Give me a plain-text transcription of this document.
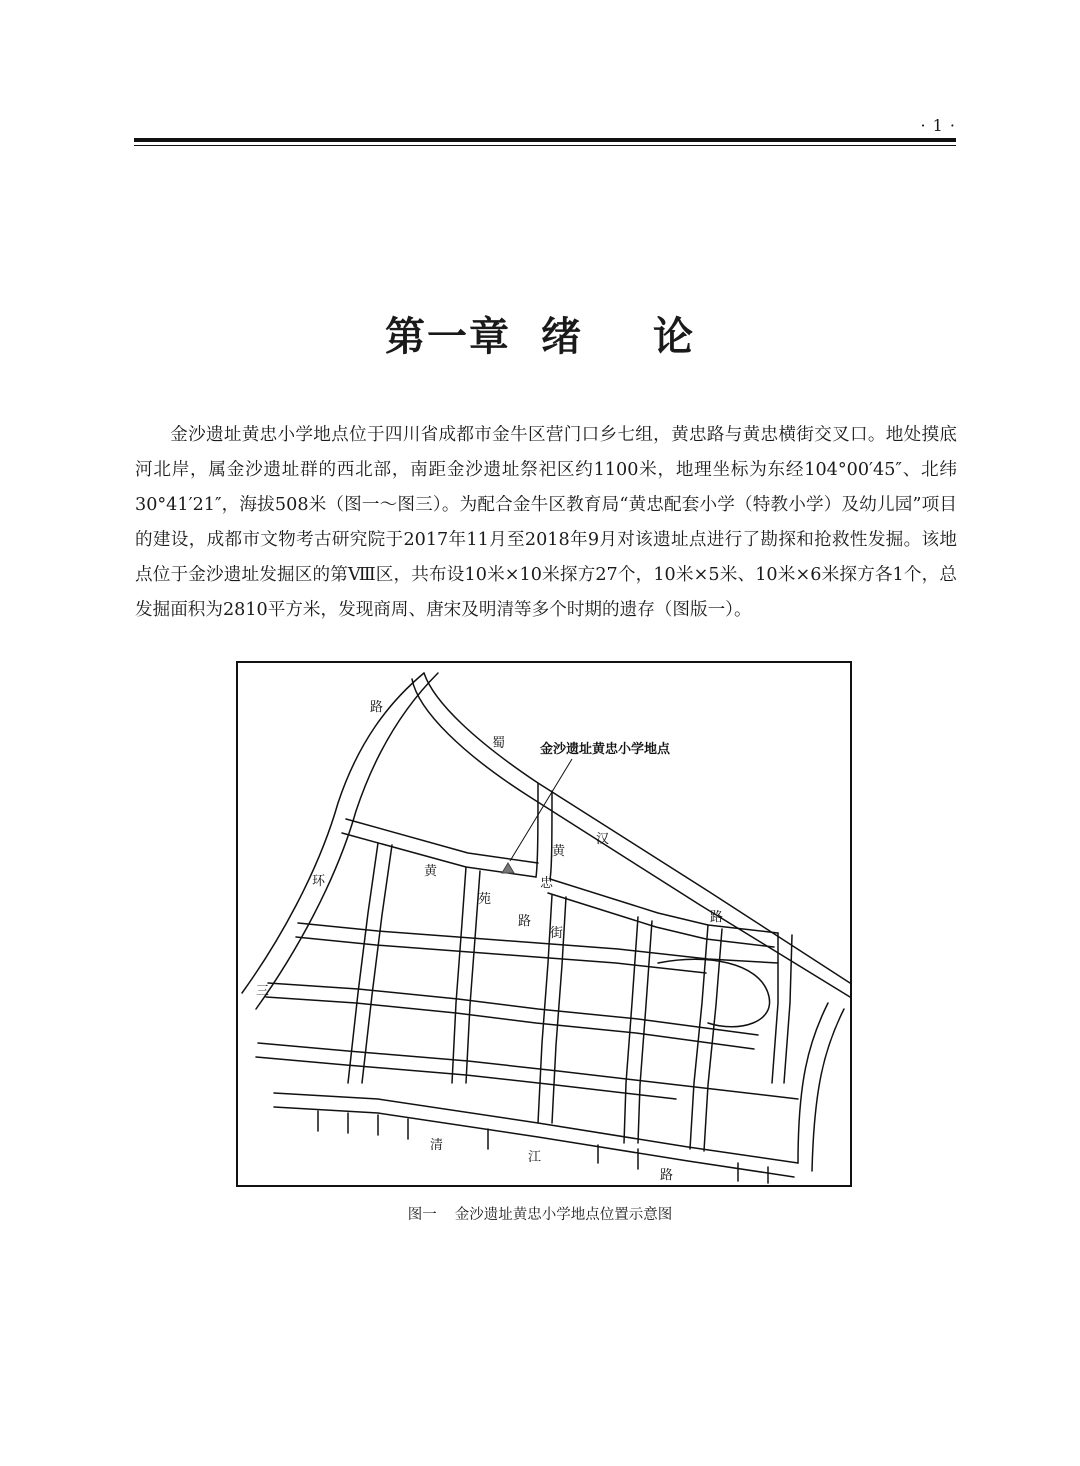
· 1 ·
第一章 绪 论

金沙遗址黄忠小学地点位于四川省成都市金牛区营门口乡七组，黄忠路与黄忠横街交叉口。地处摸底河北岸，属金沙遗址群的西北部，南距金沙遗址祭祀区约1100米，地理坐标为东经104°00′45″、北纬30°41′21″，海拔508米（图一～图三）。为配合金牛区教育局“黄忠配套小学（特教小学）及幼儿园”项目的建设，成都市文物考古研究院于2017年11月至2018年9月对该遗址点进行了勘探和抢救性发掘。该地点位于金沙遗址发掘区的第Ⅷ区，共布设10米×10米探方27个，10米×5米、10米×6米探方各1个，总发掘面积为2810平方米，发现商周、唐宋及明清等多个时期的遗存（图版一）。

金沙遗址黄忠小学地点
路
蜀
汉
路
黄
忠
黄
苑
路
街
环
三
清
江
路

图一 金沙遗址黄忠小学地点位置示意图
